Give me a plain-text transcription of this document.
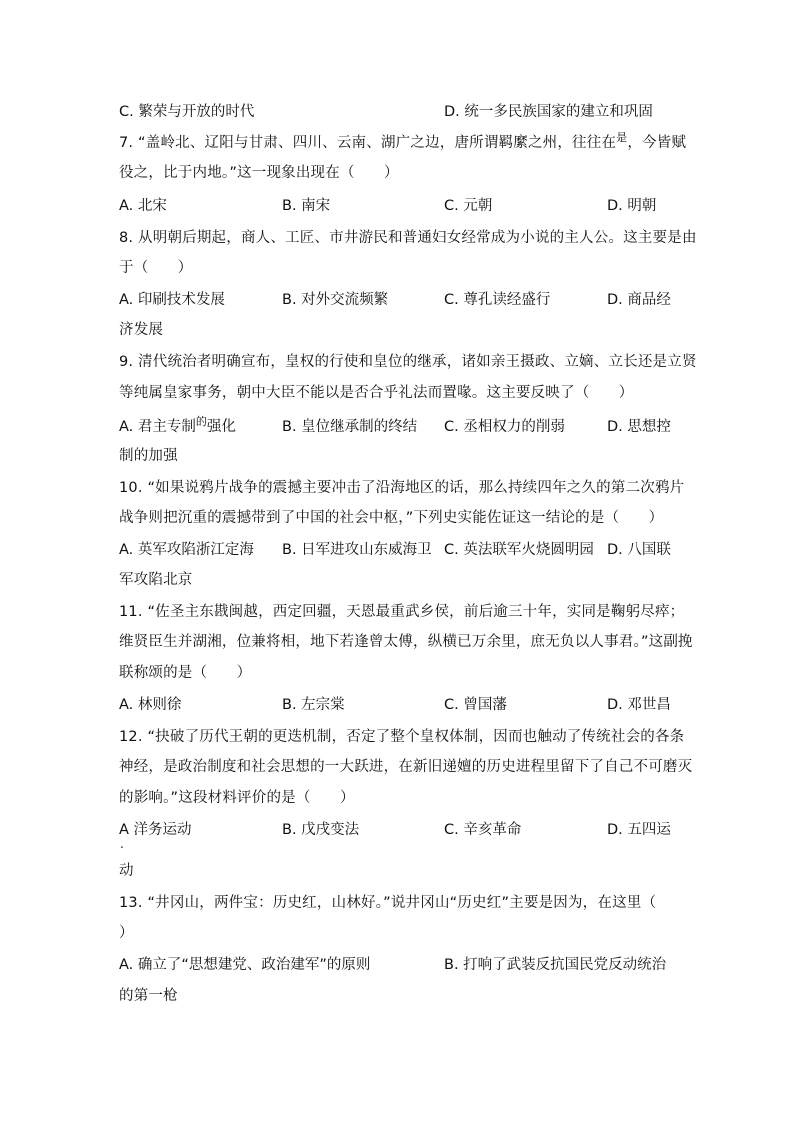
C. 繁荣与开放的时代	D. 统一多民族国家的建立和巩固
7. “盖岭北、辽阳与甘肃、四川、云南、湖广之边，唐所谓羁縻之州，往往在$^是$，今皆赋
役之，比于内地。”这一现象出现在（　　）
A. 北宋	B. 南宋	C. 元朝	D. 明朝
8. 从明朝后期起，商人、工匠、市井游民和普通妇女经常成为小说的主人公。这主要是由
于（　　）
A. 印刷技术发展	B. 对外交流频繁	C. 尊孔读经盛行	D. 商品经
济发展
9. 清代统治者明确宣布，皇权的行使和皇位的继承，诸如亲王摄政、立嫡、立长还是立贤
等纯属皇家事务，朝中大臣不能以是否合乎礼法而置喙。这主要反映了（　　）
A. 君主专制$^的$强化	B. 皇位继承制的终结 C. 丞相权力的削弱	D. 思想控
制的加强
10. “如果说鸦片战争的震撼主要冲击了沿海地区的话，那么持续四年之久的第二次鸦片
战争则把沉重的震撼带到了中国的社会中枢，”下列史实能佐证这一结论的是（　　）
A. 英军攻陷浙江定海 B. 日军进攻山东威海卫 C. 英法联军火烧圆明园 D. 八国联
军攻陷北京
11. “佐圣主东戡闽越，西定回疆，天恩最重武乡侯，前后逾三十年，实同是鞠躬尽瘁；
维贤臣生并湖湘，位兼将相，地下若逢曾太傅，纵横已万余里，庶无负以人事君。”这副挽
联称颂的是（　　）
A. 林则徐	B. 左宗棠	C. 曾国藩	D. 邓世昌
12. “抉破了历代王朝的更迭机制，否定了整个皇权体制，因而也触动了传统社会的各条
神经，是政治制度和社会思想的一大跃进，在新旧递嬗的历史进程里留下了自己不可磨灭
的影响。”这段材料评价的是（　　）
A 洋务运动
.
B. 戊戌变法	C. 辛亥革命	D. 五四运
动
13. “井冈山，两件宝：历史红，山林好。”说井冈山“历史红”主要是因为，在这里（
）
A. 确立了“思想建党、政治建军”的原则	B. 打响了武装反抗国民党反动统治
的第一枪
